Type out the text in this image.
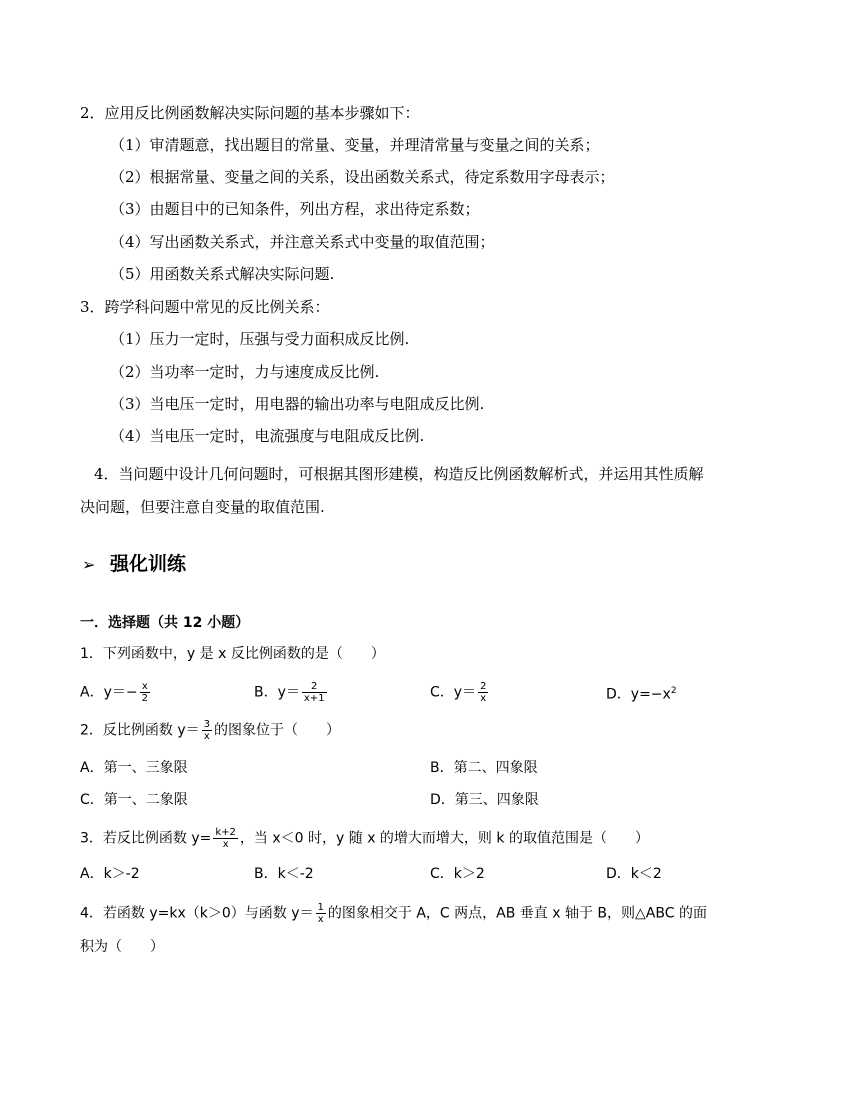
2．应用反比例函数解决实际问题的基本步骤如下：
（1）审清题意，找出题目的常量、变量，并理清常量与变量之间的关系；
（2）根据常量、变量之间的关系，设出函数关系式，待定系数用字母表示；
（3）由题目中的已知条件，列出方程，求出待定系数；
（4）写出函数关系式，并注意关系式中变量的取值范围；
（5）用函数关系式解决实际问题.
3．跨学科问题中常见的反比例关系：
（1）压力一定时，压强与受力面积成反比例.
（2）当功率一定时，力与速度成反比例.
（3）当电压一定时，用电器的输出功率与电阻成反比例.
（4）当电压一定时，电流强度与电阻成反比例.
4．当问题中设计几何问题时，可根据其图形建模，构造反比例函数解析式，并运用其性质解
决问题，但要注意自变量的取值范围.
➢ 强化训练
一．选择题（共 12 小题）
1．下列函数中，y 是 x 反比例函数的是（　　）
A．$y=- \frac{x}{2}$	B．$y= \frac{2}{x+1}$	C．$y= \frac{2}{x}$	D．$y=-x^2$
2．反比例函数 $y= \frac{3}{x}$ 的图象位于（　　）
A．第一、三象限	B．第二、四象限
C．第一、二象限	D．第三、四象限
3．若反比例函数 $y= \frac{k+2}{x}$ ，当 x＜0 时，y 随 x 的增大而增大，则 k 的取值范围是（　　）
A．k＞-2	B．k＜-2	C．k＞2	D．k＜2
4．若函数 y=kx（k＞0）与函数 $y= \frac{1}{x}$ 的图象相交于 A，C 两点，AB 垂直 x 轴于 B，则△ABC 的面
积为（　　）
